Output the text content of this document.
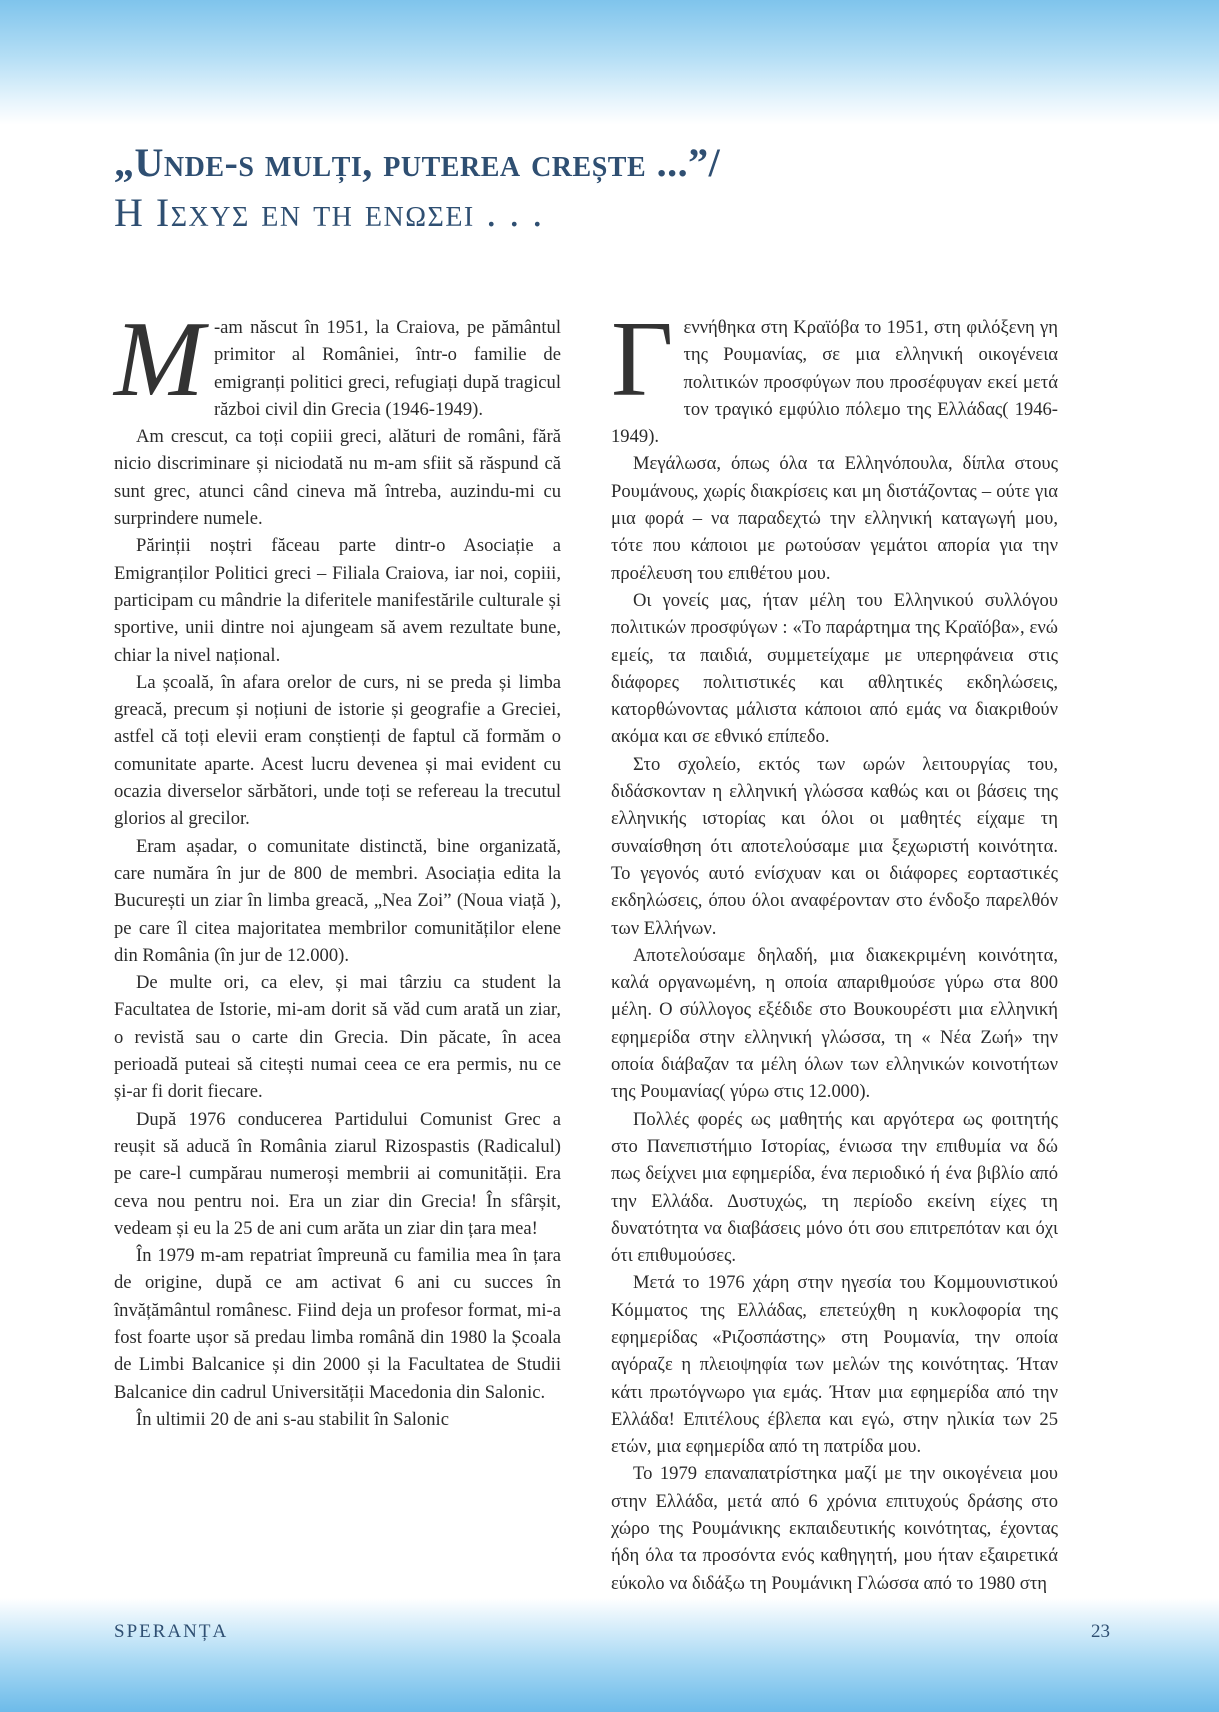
„Unde-s mulți, puterea crește ...”/
Η Ισχυσ εν τη ενωσει . . .

M -am născut în 1951, la Craiova, pe pământul primitor al României, într-o familie de emigranți politici greci, refugiați după tragicul război civil din Grecia (1946-1949).

Am crescut, ca toți copiii greci, alături de români, fără nicio discriminare și niciodată nu m-am sfiit să răspund că sunt grec, atunci când cineva mă întreba, auzindu-mi cu surprindere numele.

Părinții noștri făceau parte dintr-o Asociație a Emigranților Politici greci – Filiala Craiova, iar noi, copiii, participam cu mândrie la diferitele manifestările culturale și sportive, unii dintre noi ajungeam să avem rezultate bune, chiar la nivel național.

La școală, în afara orelor de curs, ni se preda și limba greacă, precum și noțiuni de istorie și geografie a Greciei, astfel că toți elevii eram conștienți de faptul că formăm o comunitate aparte. Acest lucru devenea și mai evident cu ocazia diverselor sărbători, unde toți se refereau la trecutul glorios al grecilor.

Eram așadar, o comunitate distinctă, bine organizată, care număra în jur de 800 de membri. Asociația edita la București un ziar în limba greacă, „Nea Zoi” (Noua viață ), pe care îl citea majoritatea membrilor comunităților elene din România (în jur de 12.000).

De multe ori, ca elev, și mai târziu ca student la Facultatea de Istorie, mi-am dorit să văd cum arată un ziar, o revistă sau o carte din Grecia. Din păcate, în acea perioadă puteai să citești numai ceea ce era permis, nu ce și-ar fi dorit fiecare.

După 1976 conducerea Partidului Comunist Grec a reușit să aducă în România ziarul Rizospastis (Radicalul) pe care-l cumpărau numeroși membrii ai comunității. Era ceva nou pentru noi. Era un ziar din Grecia! În sfârșit, vedeam și eu la 25 de ani cum arăta un ziar din țara mea!

În 1979 m-am repatriat împreună cu familia mea în țara de origine, după ce am activat 6 ani cu succes în învățământul românesc. Fiind deja un profesor format, mi-a fost foarte ușor să predau limba română din 1980 la Școala de Limbi Balcanice și din 2000 și la Facultatea de Studii Balcanice din cadrul Universității Macedonia din Salonic.

În ultimii 20 de ani s-au stabilit în Salonic

Γεννήθηκα στη Κραϊόβα το 1951, στη φιλόξενη γη της Ρουμανίας, σε μια ελληνική οικογένεια πολιτικών προσφύγων που προσέφυγαν εκεί μετά τον τραγικό εμφύλιο πόλεμο της Ελλάδας( 1946-1949).

Μεγάλωσα, όπως όλα τα Ελληνόπουλα, δίπλα στους Ρουμάνους, χωρίς διακρίσεις και μη διστάζοντας – ούτε για μια φορά – να παραδεχτώ την ελληνική καταγωγή μου, τότε που κάποιοι με ρωτούσαν γεμάτοι απορία για την προέλευση του επιθέτου μου.

Οι γονείς μας, ήταν μέλη του Ελληνικού συλλόγου πολιτικών προσφύγων : «Το παράρτημα της Κραϊόβα», ενώ εμείς, τα παιδιά, συμμετείχαμε με υπερηφάνεια στις διάφορες πολιτιστικές και αθλητικές εκδηλώσεις, κατορθώνοντας μάλιστα κάποιοι από εμάς να διακριθούν ακόμα και σε εθνικό επίπεδο.

Στο σχολείο, εκτός των ωρών λειτουργίας του, διδάσκονταν η ελληνική γλώσσα καθώς και οι βάσεις της ελληνικής ιστορίας και όλοι οι μαθητές είχαμε τη συναίσθηση ότι αποτελούσαμε μια ξεχωριστή κοινότητα. Το γεγονός αυτό ενίσχυαν και οι διάφορες εορταστικές εκδηλώσεις, όπου όλοι αναφέρονταν στο ένδοξο παρελθόν των Ελλήνων.

Αποτελούσαμε δηλαδή, μια διακεκριμένη κοινότητα, καλά οργανωμένη, η οποία απαριθμούσε γύρω στα 800 μέλη. Ο σύλλογος εξέδιδε στο Βουκουρέστι μια ελληνική εφημερίδα στην ελληνική γλώσσα, τη « Νέα Ζωή» την οποία διάβαζαν τα μέλη όλων των ελληνικών κοινοτήτων της Ρουμανίας( γύρω στις 12.000).

Πολλές φορές ως μαθητής και αργότερα ως φοιτητής στο Πανεπιστήμιο Ιστορίας, ένιωσα την επιθυμία να δώ πως δείχνει μια εφημερίδα, ένα περιοδικό ή ένα βιβλίο από την Ελλάδα. Δυστυχώς, τη περίοδο εκείνη είχες τη δυνατότητα να διαβάσεις μόνο ότι σου επιτρεπόταν και όχι ότι επιθυμούσες.

Μετά το 1976 χάρη στην ηγεσία του Κομμουνιστικού Κόμματος της Ελλάδας, επετεύχθη η κυκλοφορία της εφημερίδας «Ριζοσπάστης» στη Ρουμανία, την οποία αγόραζε η πλειοψηφία των μελών της κοινότητας. Ήταν κάτι πρωτόγνωρο για εμάς. Ήταν μια εφημερίδα από την Ελλάδα! Επιτέλους έβλεπα και εγώ, στην ηλικία των 25 ετών, μια εφημερίδα από τη πατρίδα μου.

Το 1979 επαναπατρίστηκα μαζί με την οικογένεια μου στην Ελλάδα, μετά από 6 χρόνια επιτυχούς δράσης στο χώρο της Ρουμάνικης εκπαιδευτικής κοινότητας, έχοντας ήδη όλα τα προσόντα ενός καθηγητή, μου ήταν εξαιρετικά εύκολο να διδάξω τη Ρουμάνικη Γλώσσα από το 1980 στη

SPERANȚA	23
